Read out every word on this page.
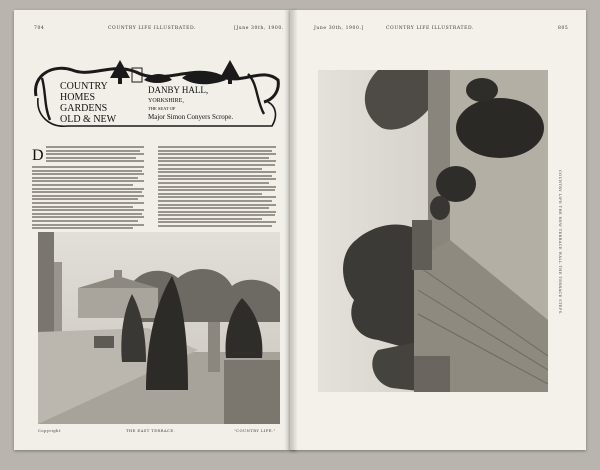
704	COUNTRY LIFE ILLUSTRATED.	[June 30th, 1900.
COUNTRY
HOMES
GARDENS
OLD & NEW
DANBY HALL,
YORKSHIRE,
THE SEAT OF
Major Simon Conyers Scrope.
D
Copyright	THE EAST TERRACE.	"COUNTRY LIFE."
June 30th, 1900.]	COUNTRY LIFE ILLUSTRATED.	805
COUNTRY LIFE THE NEW TERRACE WALL THE TERRACE STEPS.
